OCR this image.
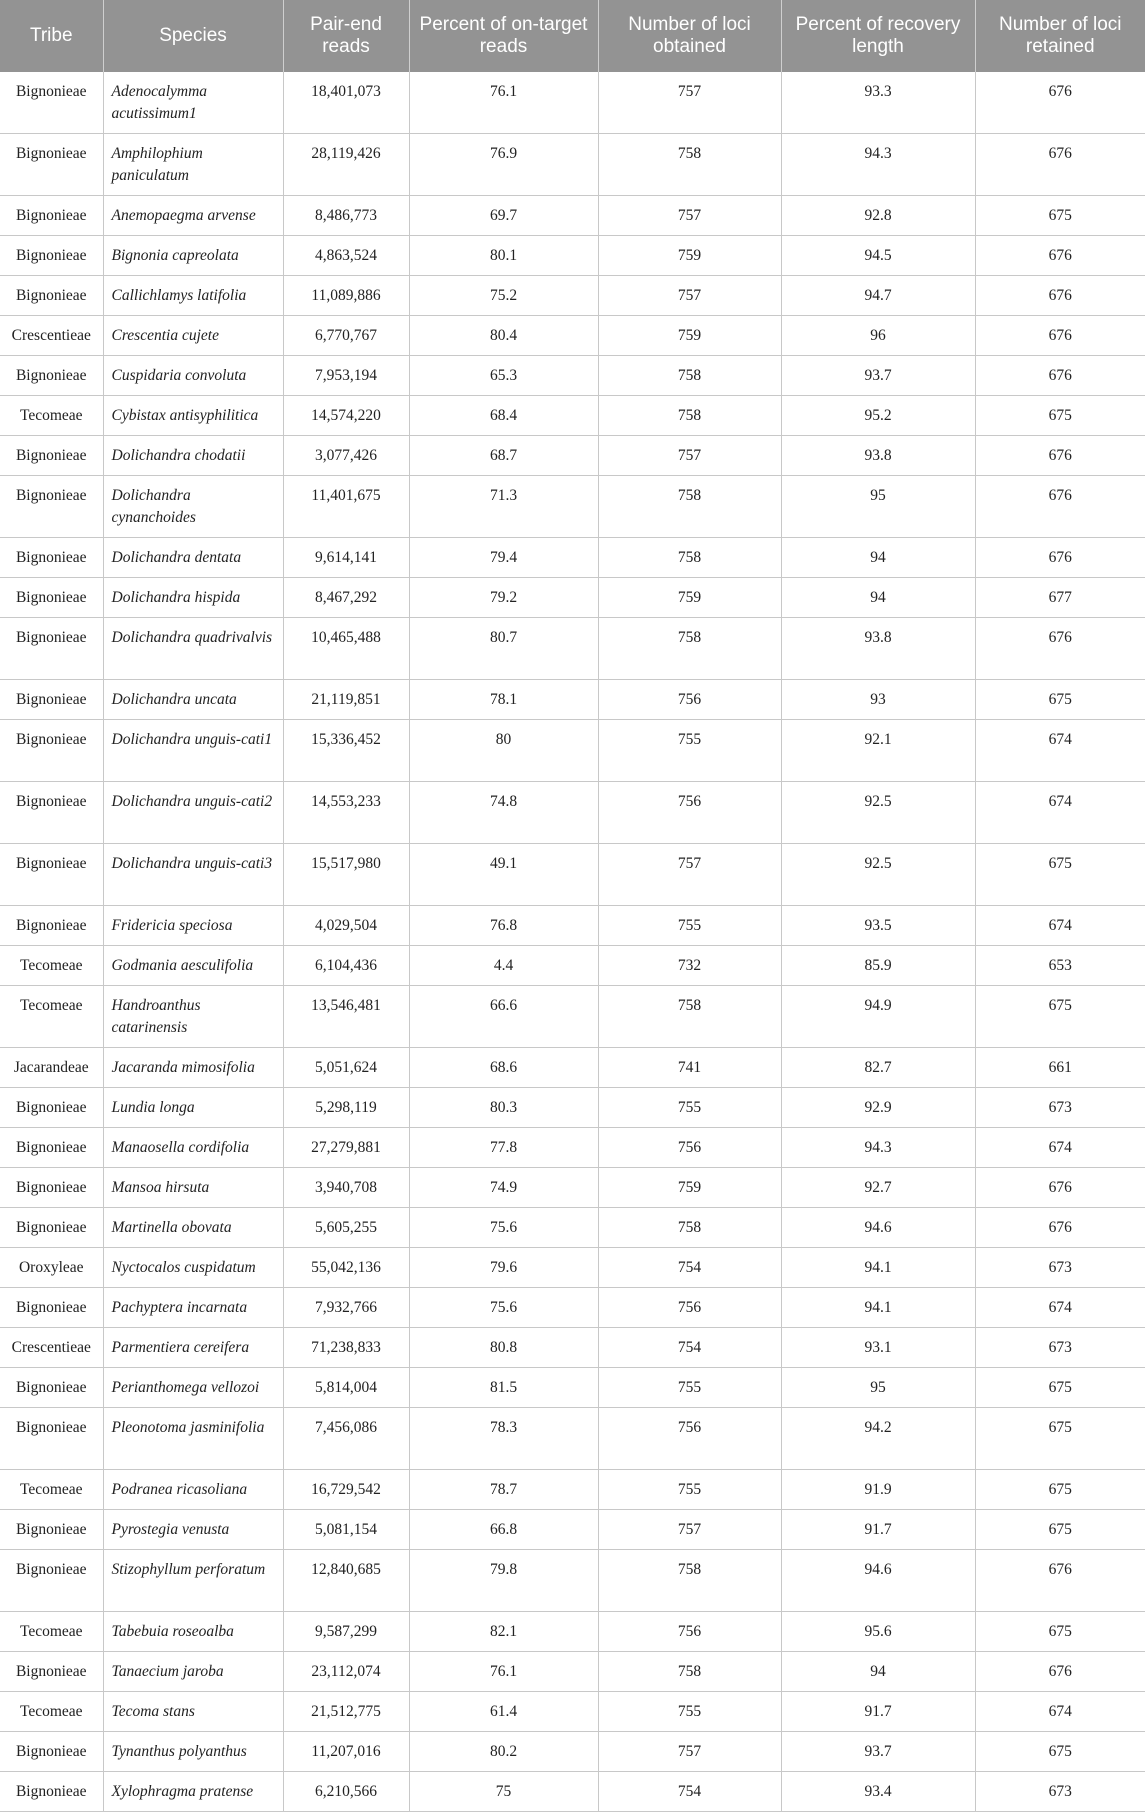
Tribe	Species	Pair-end reads	Percent of on-target reads	Number of loci obtained	Percent of recovery length	Number of loci retained
Bignonieae	Adenocalymma acutissimum1	18,401,073	76.1	757	93.3	676
Bignonieae	Amphilophium paniculatum	28,119,426	76.9	758	94.3	676
Bignonieae	Anemopaegma arvense	8,486,773	69.7	757	92.8	675
Bignonieae	Bignonia capreolata	4,863,524	80.1	759	94.5	676
Bignonieae	Callichlamys latifolia	11,089,886	75.2	757	94.7	676
Crescentieae	Crescentia cujete	6,770,767	80.4	759	96	676
Bignonieae	Cuspidaria convoluta	7,953,194	65.3	758	93.7	676
Tecomeae	Cybistax antisyphilitica	14,574,220	68.4	758	95.2	675
Bignonieae	Dolichandra chodatii	3,077,426	68.7	757	93.8	676
Bignonieae	Dolichandra cynanchoides	11,401,675	71.3	758	95	676
Bignonieae	Dolichandra dentata	9,614,141	79.4	758	94	676
Bignonieae	Dolichandra hispida	8,467,292	79.2	759	94	677
Bignonieae	Dolichandra quadrivalvis	10,465,488	80.7	758	93.8	676
Bignonieae	Dolichandra uncata	21,119,851	78.1	756	93	675
Bignonieae	Dolichandra unguis-cati1	15,336,452	80	755	92.1	674
Bignonieae	Dolichandra unguis-cati2	14,553,233	74.8	756	92.5	674
Bignonieae	Dolichandra unguis-cati3	15,517,980	49.1	757	92.5	675
Bignonieae	Fridericia speciosa	4,029,504	76.8	755	93.5	674
Tecomeae	Godmania aesculifolia	6,104,436	4.4	732	85.9	653
Tecomeae	Handroanthus catarinensis	13,546,481	66.6	758	94.9	675
Jacarandeae	Jacaranda mimosifolia	5,051,624	68.6	741	82.7	661
Bignonieae	Lundia longa	5,298,119	80.3	755	92.9	673
Bignonieae	Manaosella cordifolia	27,279,881	77.8	756	94.3	674
Bignonieae	Mansoa hirsuta	3,940,708	74.9	759	92.7	676
Bignonieae	Martinella obovata	5,605,255	75.6	758	94.6	676
Oroxyleae	Nyctocalos cuspidatum	55,042,136	79.6	754	94.1	673
Bignonieae	Pachyptera incarnata	7,932,766	75.6	756	94.1	674
Crescentieae	Parmentiera cereifera	71,238,833	80.8	754	93.1	673
Bignonieae	Perianthomega vellozoi	5,814,004	81.5	755	95	675
Bignonieae	Pleonotoma jasminifolia	7,456,086	78.3	756	94.2	675
Tecomeae	Podranea ricasoliana	16,729,542	78.7	755	91.9	675
Bignonieae	Pyrostegia venusta	5,081,154	66.8	757	91.7	675
Bignonieae	Stizophyllum perforatum	12,840,685	79.8	758	94.6	676
Tecomeae	Tabebuia roseoalba	9,587,299	82.1	756	95.6	675
Bignonieae	Tanaecium jaroba	23,112,074	76.1	758	94	676
Tecomeae	Tecoma stans	21,512,775	61.4	755	91.7	674
Bignonieae	Tynanthus polyanthus	11,207,016	80.2	757	93.7	675
Bignonieae	Xylophragma pratense	6,210,566	75	754	93.4	673
